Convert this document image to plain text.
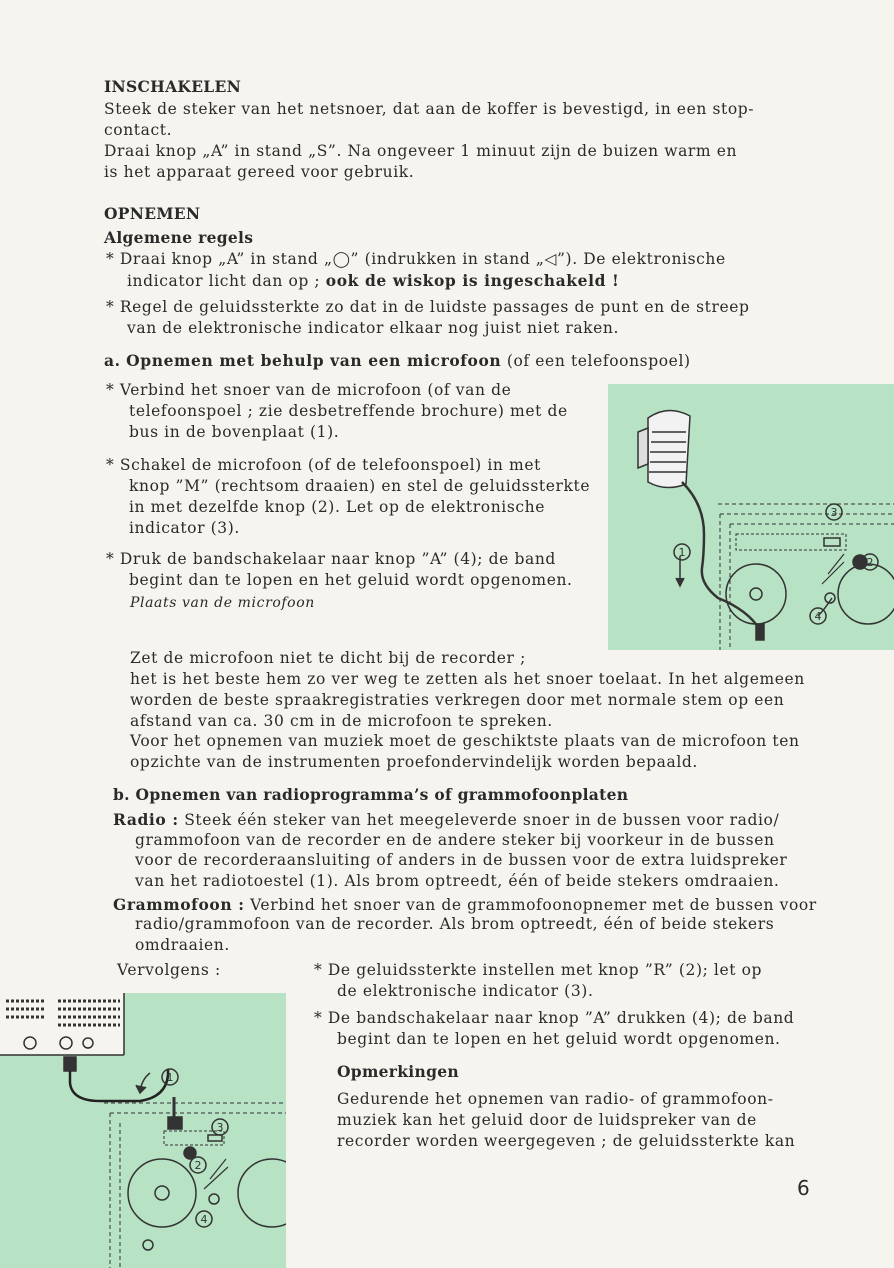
INSCHAKELEN

Steek de steker van het netsnoer, dat aan de koffer is bevestigd, in een stop-

contact.

Draai knop „A” in stand „S”. Na ongeveer 1 minuut zijn de buizen warm en

is het apparaat gereed voor gebruik.

OPNEMEN

Algemene regels

* Draai knop „A” in stand „◯” (indrukken in stand „◁”). De elektronische

indicator licht dan op ; ook de wiskop is ingeschakeld !

* Regel de geluidssterkte zo dat in de luidste passages de punt en de streep

van de elektronische indicator elkaar nog juist niet raken.

a. Opnemen met behulp van een microfoon (of een telefoonspoel)

* Verbind het snoer van de microfoon (of van de

telefoonspoel ; zie desbetreffende brochure) met de

bus in de bovenplaat (1).

* Schakel de microfoon (of de telefoonspoel) in met

knop ”M” (rechtsom draaien) en stel de geluidssterkte

in met dezelfde knop (2). Let op de elektronische

indicator (3).

* Druk de bandschakelaar naar knop ”A” (4); de band

begint dan te lopen en het geluid wordt opgenomen.

Plaats van de microfoon

1
2
3
4

Zet de microfoon niet te dicht bij de recorder ;

het is het beste hem zo ver weg te zetten als het snoer toelaat. In het algemeen

worden de beste spraakregistraties verkregen door met normale stem op een

afstand van ca. 30 cm in de microfoon te spreken.

Voor het opnemen van muziek moet de geschiktste plaats van de microfoon ten

opzichte van de instrumenten proefondervindelijk worden bepaald.

b. Opnemen van radioprogramma’s of grammofoonplaten

Radio : Steek één steker van het meegeleverde snoer in de bussen voor radio/

grammofoon van de recorder en de andere steker bij voorkeur in de bussen

voor de recorderaansluiting of anders in de bussen voor de extra luidspreker

van het radiotoestel (1). Als brom optreedt, één of beide stekers omdraaien.

Grammofoon : Verbind het snoer van de grammofoonopnemer met de bussen voor

radio/grammofoon van de recorder. Als brom optreedt, één of beide stekers

omdraaien.

Vervolgens :	* De geluidssterkte instellen met knop ”R” (2); let op

de elektronische indicator (3).

* De bandschakelaar naar knop ”A” drukken (4); de band

begint dan te lopen en het geluid wordt opgenomen.

Opmerkingen

Gedurende het opnemen van radio- of grammofoon-

muziek kan het geluid door de luidspreker van de

recorder worden weergegeven ; de geluidssterkte kan

1
2
3
4

6
